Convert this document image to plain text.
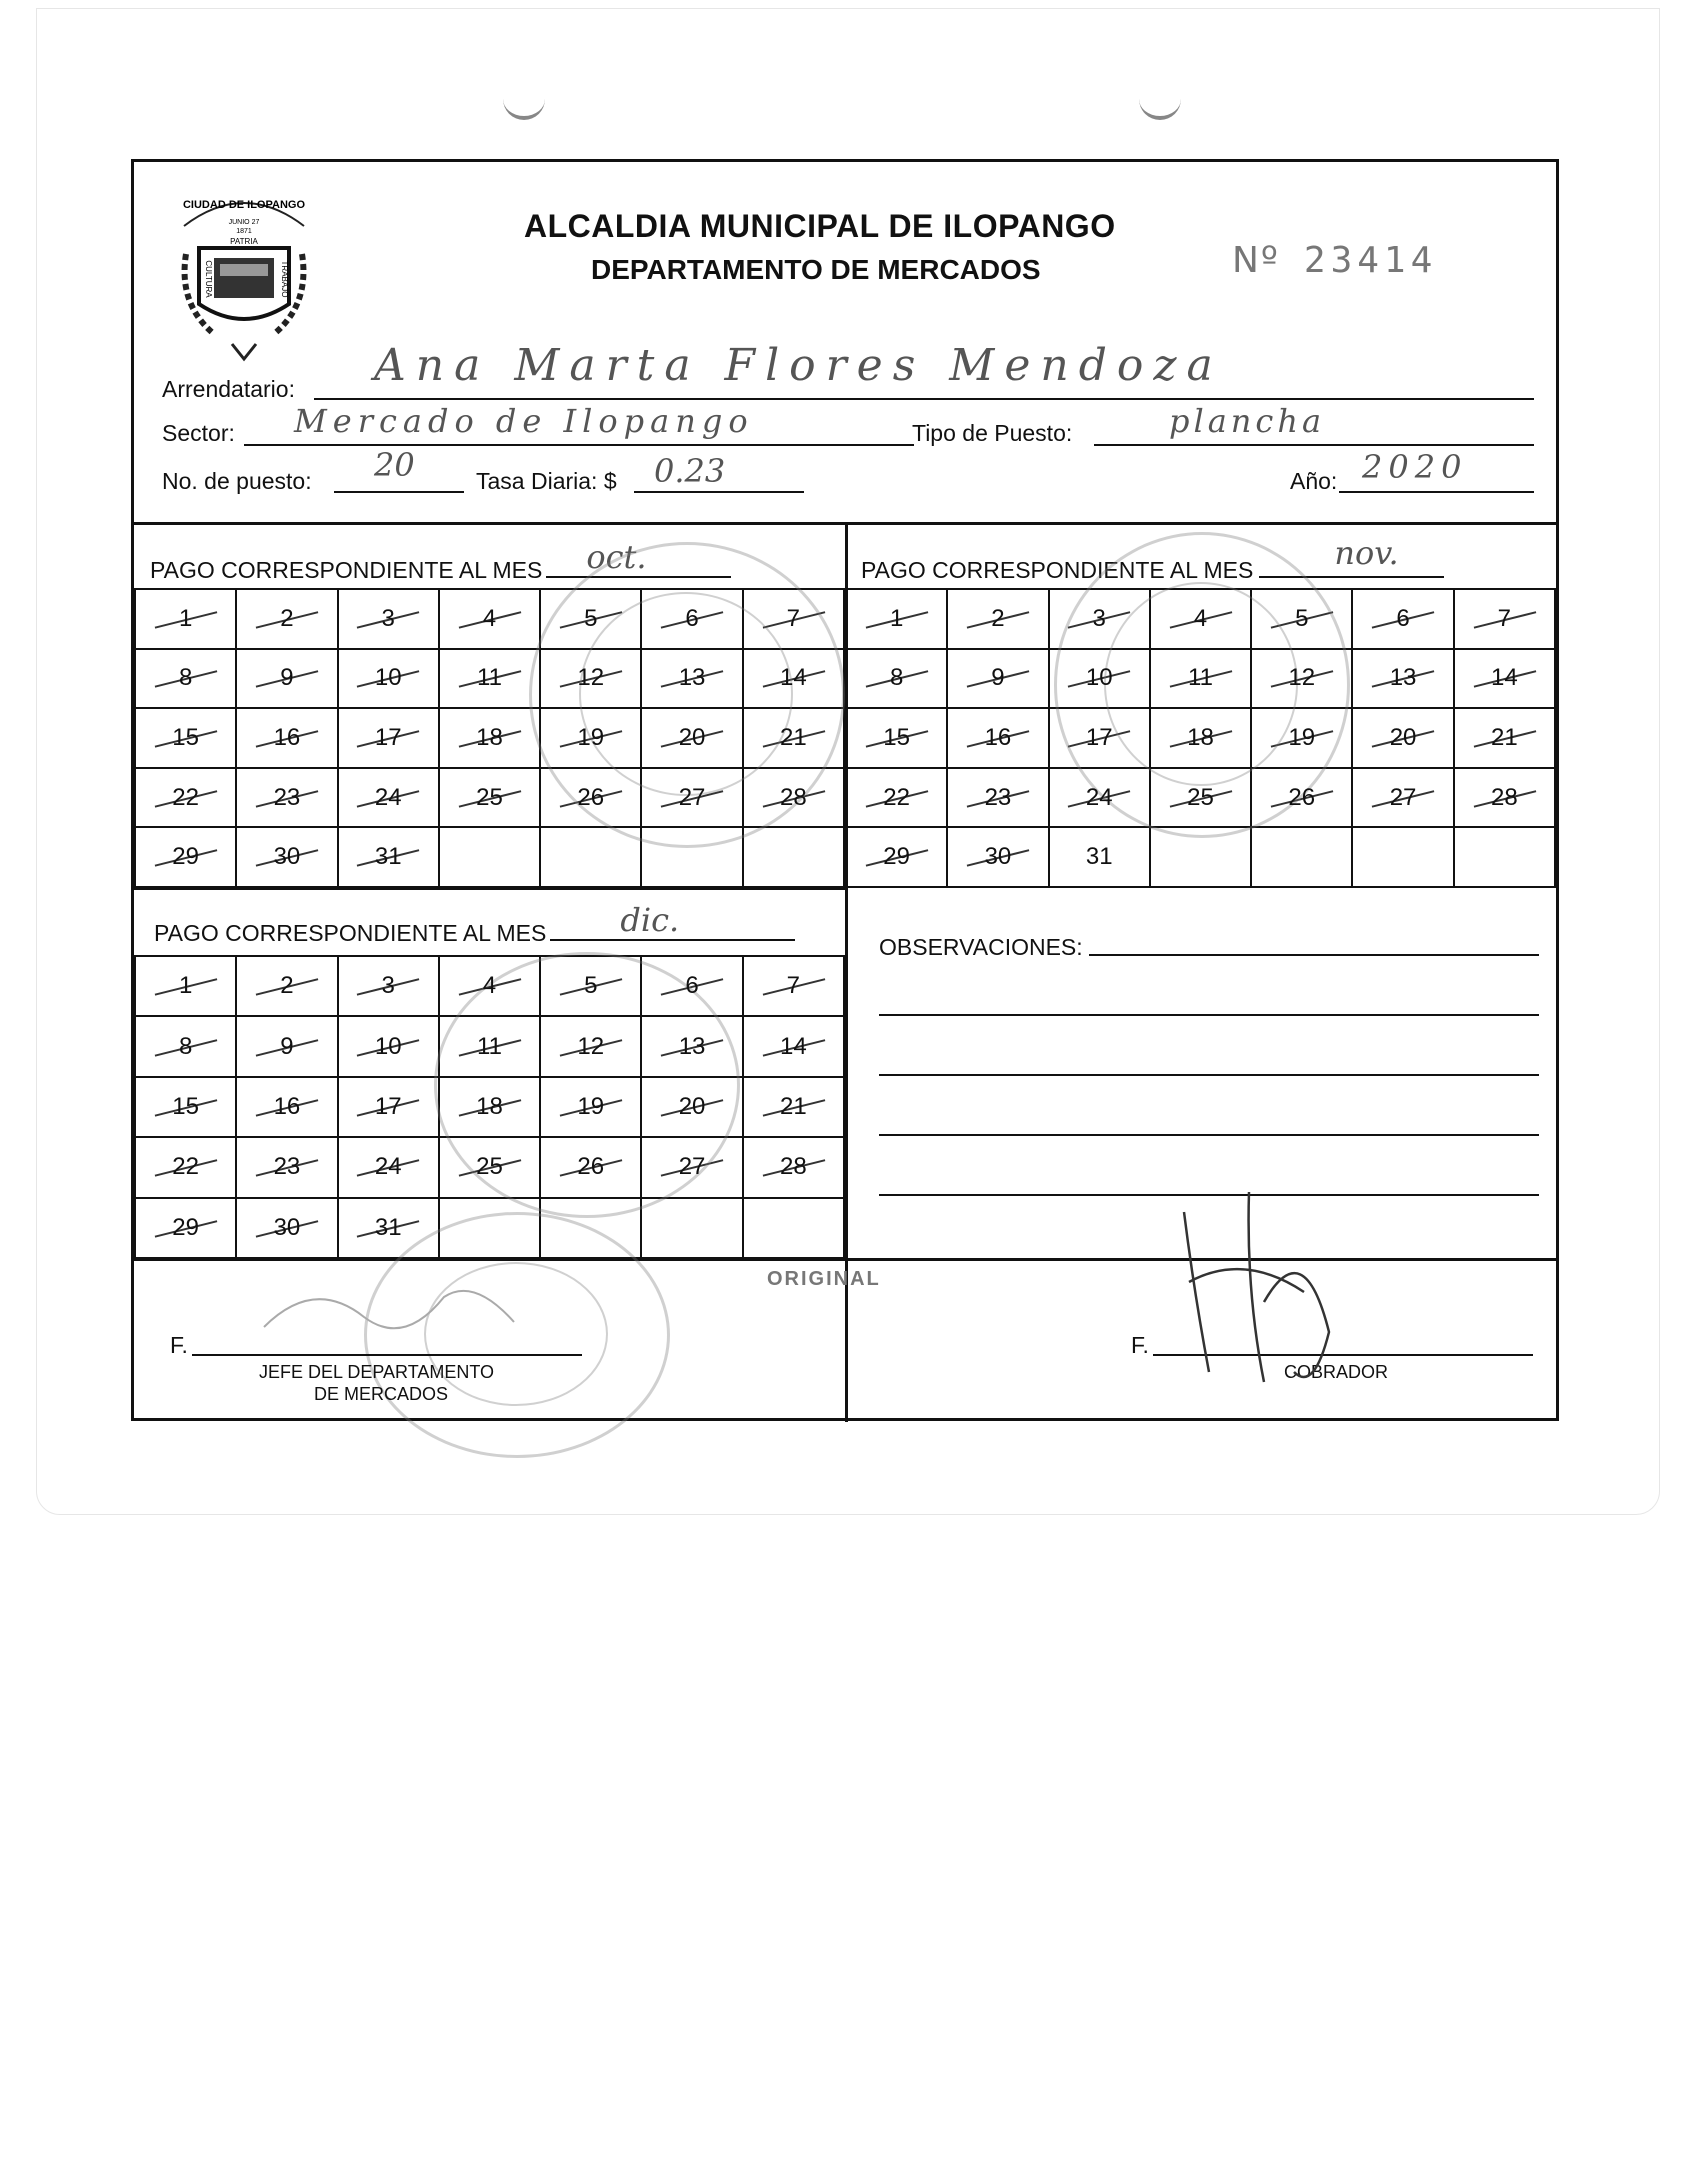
CIUDAD DE ILOPANGO
JUNIO 27
1871
PATRIA
CULTURA	TRABAJO
ALCALDIA MUNICIPAL DE ILOPANGO
DEPARTAMENTO DE MERCADOS	Nº 23414
Arrendatario: Ana Marta Flores Mendoza
Sector: Mercado de Ilopango	Tipo de Puesto:	plancha
No. de puesto: 20	Tasa Diaria: $ 0.23	Año: 2020
PAGO CORRESPONDIENTE AL MES oct.
1	2	3	4	5	6	7
8	9	10	11	12	13	14
15	16	17	18	19	20	21
22	23	24	25	26	27	28
29	30	31				
PAGO CORRESPONDIENTE AL MES	nov.
1	2	3	4	5	6	7
8	9	10	11	12	13	14
15	16	17	18	19	20	21
22	23	24	25	26	27	28
29	30	31				
PAGO CORRESPONDIENTE AL MES dic.
1	2	3	4	5	6	7
8	9	10	11	12	13	14
15	16	17	18	19	20	21
22	23	24	25	26	27	28
29	30	31				
OBSERVACIONES:
ORIGINAL
F.
JEFE DEL DEPARTAMENTO
DE MERCADOS
F.
COBRADOR
